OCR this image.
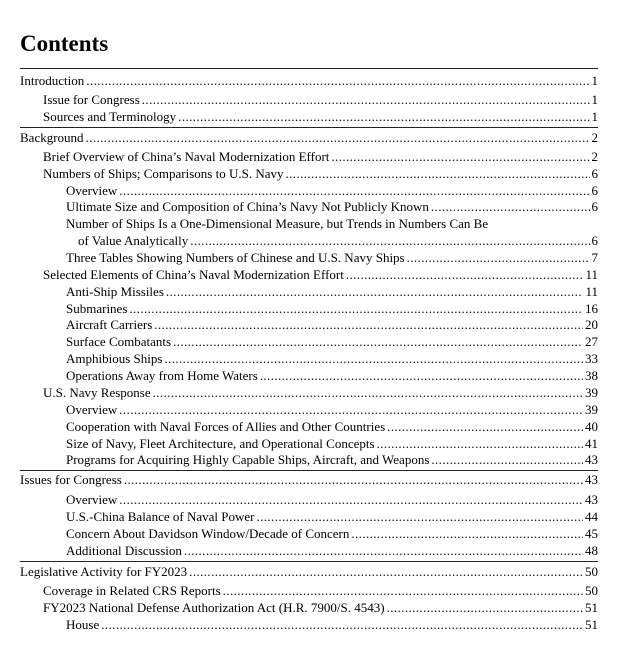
Contents
Introduction .....	1
Issue for Congress .....	1
Sources and Terminology .....	1
Background .....	2
Brief Overview of China’s Naval Modernization Effort .....	2
Numbers of Ships; Comparisons to U.S. Navy .....	6
Overview .....	6
Ultimate Size and Composition of China’s Navy Not Publicly Known .....	6
Number of Ships Is a One-Dimensional Measure, but Trends in Numbers Can Be
of Value Analytically .....	6
Three Tables Showing Numbers of Chinese and U.S. Navy Ships .....	7
Selected Elements of China’s Naval Modernization Effort .....	11
Anti-Ship Missiles .....	11
Submarines .....	16
Aircraft Carriers .....	20
Surface Combatants .....	27
Amphibious Ships .....	33
Operations Away from Home Waters .....	38
U.S. Navy Response .....	39
Overview .....	39
Cooperation with Naval Forces of Allies and Other Countries .....	40
Size of Navy, Fleet Architecture, and Operational Concepts .....	41
Programs for Acquiring Highly Capable Ships, Aircraft, and Weapons .....	43
Issues for Congress .....	43
Overview .....	43
U.S.-China Balance of Naval Power .....	44
Concern About Davidson Window/Decade of Concern .....	45
Additional Discussion .....	48
Legislative Activity for FY2023 .....	50
Coverage in Related CRS Reports .....	50
FY2023 National Defense Authorization Act (H.R. 7900/S. 4543) .....	51
House .....	51
